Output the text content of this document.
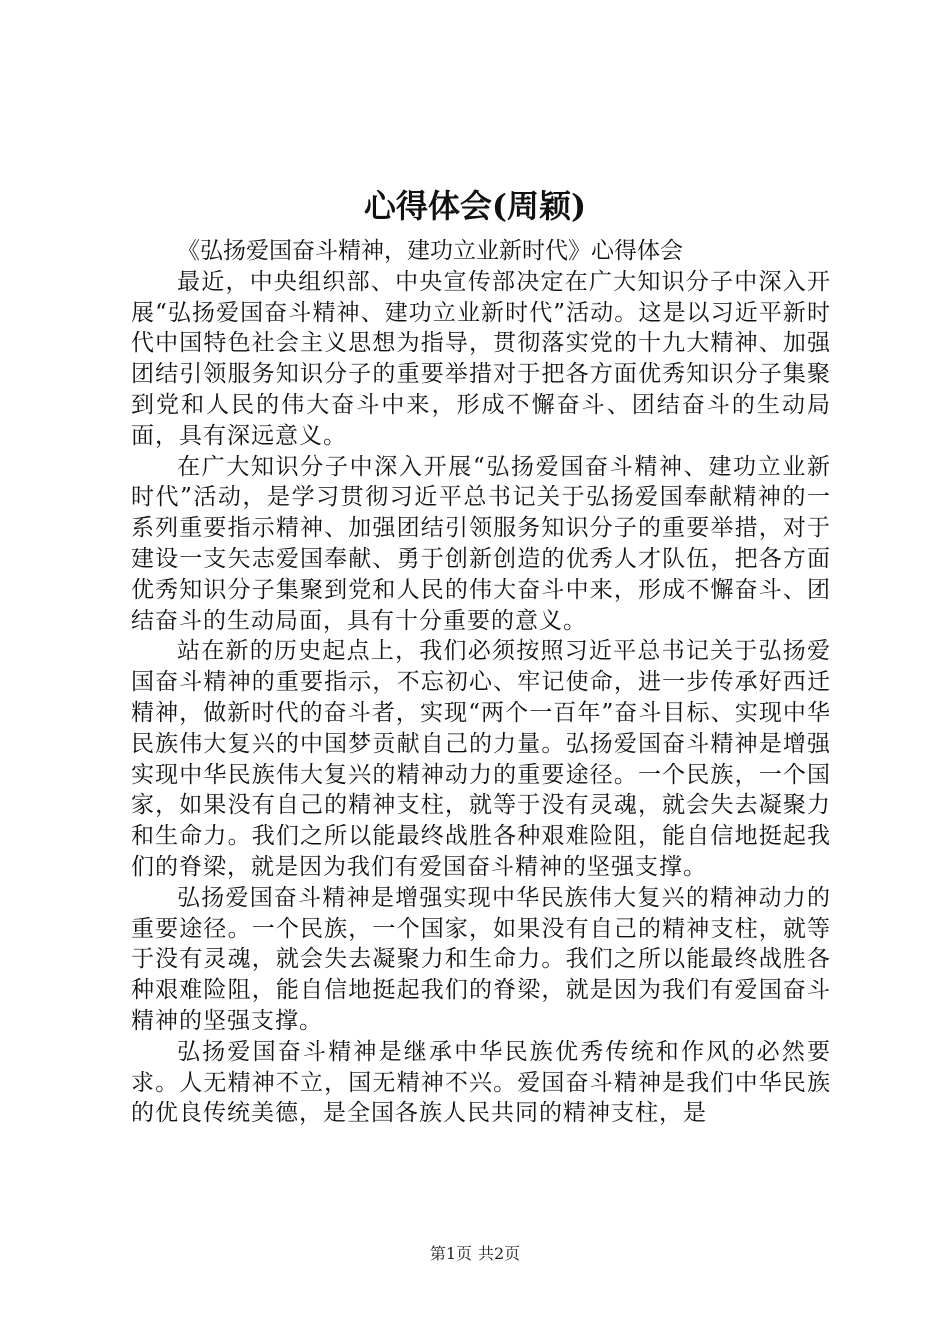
心得体会(周颖)

《弘扬爱国奋斗精神，建功立业新时代》心得体会

最近，中央组织部、中央宣传部决定在广大知识分子中深入开展“弘扬爱国奋斗精神、建功立业新时代”活动。这是以习近平新时代中国特色社会主义思想为指导，贯彻落实党的十九大精神、加强团结引领服务知识分子的重要举措对于把各方面优秀知识分子集聚到党和人民的伟大奋斗中来，形成不懈奋斗、团结奋斗的生动局面，具有深远意义。

在广大知识分子中深入开展“弘扬爱国奋斗精神、建功立业新时代”活动，是学习贯彻习近平总书记关于弘扬爱国奉献精神的一系列重要指示精神、加强团结引领服务知识分子的重要举措，对于建设一支矢志爱国奉献、勇于创新创造的优秀人才队伍，把各方面优秀知识分子集聚到党和人民的伟大奋斗中来，形成不懈奋斗、团结奋斗的生动局面，具有十分重要的意义。

站在新的历史起点上，我们必须按照习近平总书记关于弘扬爱国奋斗精神的重要指示，不忘初心、牢记使命，进一步传承好西迁精神，做新时代的奋斗者，实现“两个一百年”奋斗目标、实现中华民族伟大复兴的中国梦贡献自己的力量。弘扬爱国奋斗精神是增强实现中华民族伟大复兴的精神动力的重要途径。一个民族，一个国家，如果没有自己的精神支柱，就等于没有灵魂，就会失去凝聚力和生命力。我们之所以能最终战胜各种艰难险阻，能自信地挺起我们的脊梁，就是因为我们有爱国奋斗精神的坚强支撑。

弘扬爱国奋斗精神是增强实现中华民族伟大复兴的精神动力的重要途径。一个民族，一个国家，如果没有自己的精神支柱，就等于没有灵魂，就会失去凝聚力和生命力。我们之所以能最终战胜各种艰难险阻，能自信地挺起我们的脊梁，就是因为我们有爱国奋斗精神的坚强支撑。

弘扬爱国奋斗精神是继承中华民族优秀传统和作风的必然要求。人无精神不立，国无精神不兴。爱国奋斗精神是我们中华民族的优良传统美德，是全国各族人民共同的精神支柱，是

第1页 共2页
